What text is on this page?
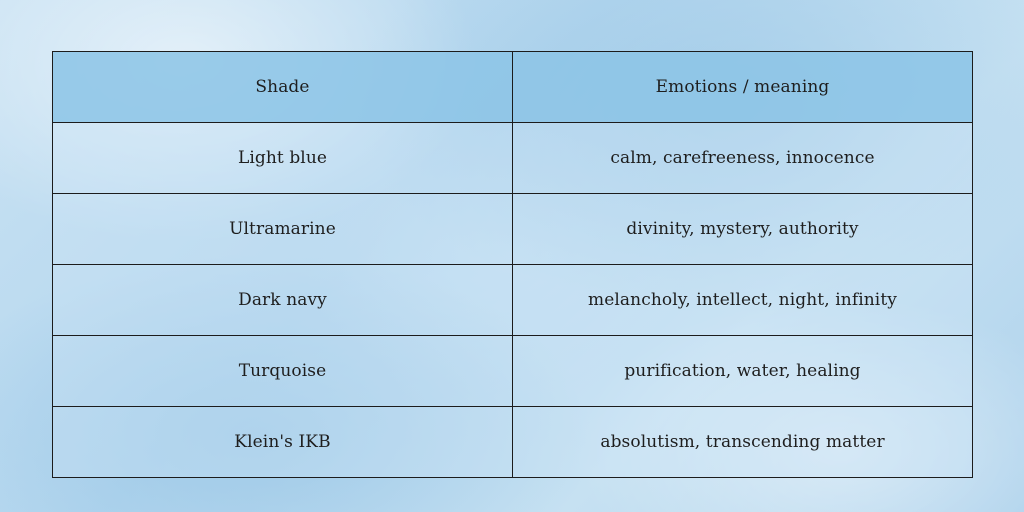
Shade	Emotions / meaning
Light blue	calm, carefreeness, innocence
Ultramarine	divinity, mystery, authority
Dark navy	melancholy, intellect, night, infinity
Turquoise	purification, water, healing
Klein's IKB	absolutism, transcending matter
